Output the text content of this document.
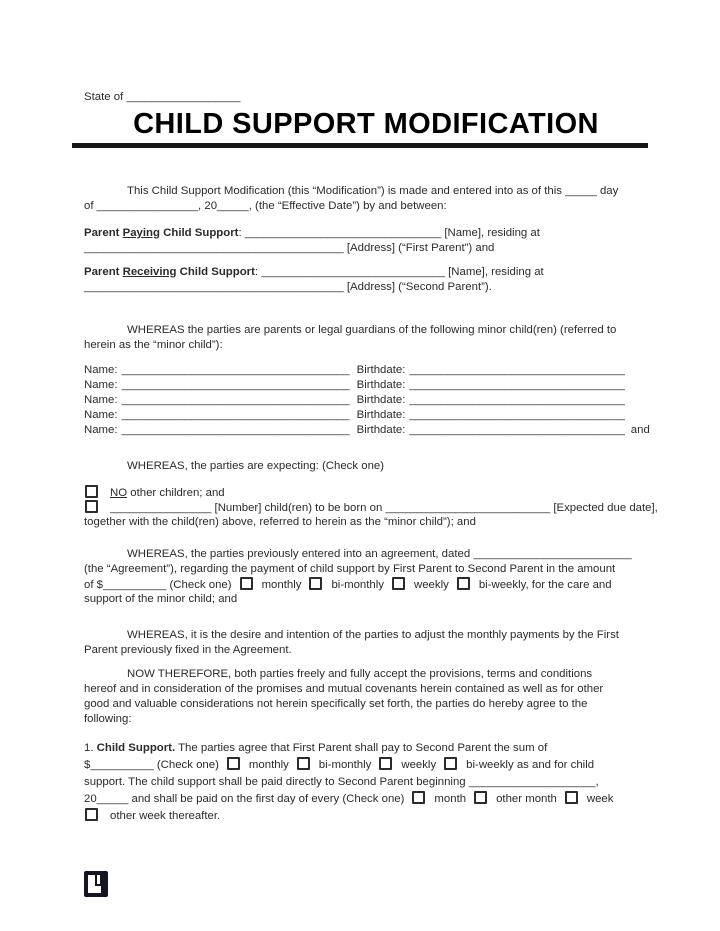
State of __________________
CHILD SUPPORT MODIFICATION
This Child Support Modification (this “Modification”) is made and entered into as of this _____ day
of ________________, 20_____, (the “Effective Date”) by and between:
Parent Paying Child Support: _______________________________ [Name], residing at
_________________________________________ [Address] (“First Parent”) and
Parent Receiving Child Support: _____________________________ [Name], residing at
_________________________________________ [Address] (“Second Parent”).
WHEREAS the parties are parents or legal guardians of the following minor child(ren) (referred to
herein as the “minor child”):
Name: ____________________________________ Birthdate: __________________________________
Name: ____________________________________ Birthdate: __________________________________
Name: ____________________________________ Birthdate: __________________________________
Name: ____________________________________ Birthdate: __________________________________
Name: ____________________________________ Birthdate: __________________________________ and
WHEREAS, the parties are expecting: (Check one)
NO other children; and
________________ [Number] child(ren) to be born on __________________________ [Expected due date],
together with the child(ren) above, referred to herein as the “minor child”); and
WHEREAS, the parties previously entered into an agreement, dated _________________________
(the “Agreement”), regarding the payment of child support by First Parent to Second Parent in the amount
of $__________ (Check one)	monthly	bi-monthly	weekly	bi-weekly, for the care and
support of the minor child; and
WHEREAS, it is the desire and intention of the parties to adjust the monthly payments by the First
Parent previously fixed in the Agreement.
NOW THEREFORE, both parties freely and fully accept the provisions, terms and conditions
hereof and in consideration of the promises and mutual covenants herein contained as well as for other
good and valuable considerations not herein specifically set forth, the parties do hereby agree to the
following:
1. Child Support. The parties agree that First Parent shall pay to Second Parent the sum of
$__________ (Check one)	monthly	bi-monthly	weekly	bi-weekly as and for child
support. The child support shall be paid directly to Second Parent beginning ____________________,
20_____ and shall be paid on the first day of every (Check one)	month	other month	week
other week thereafter.
